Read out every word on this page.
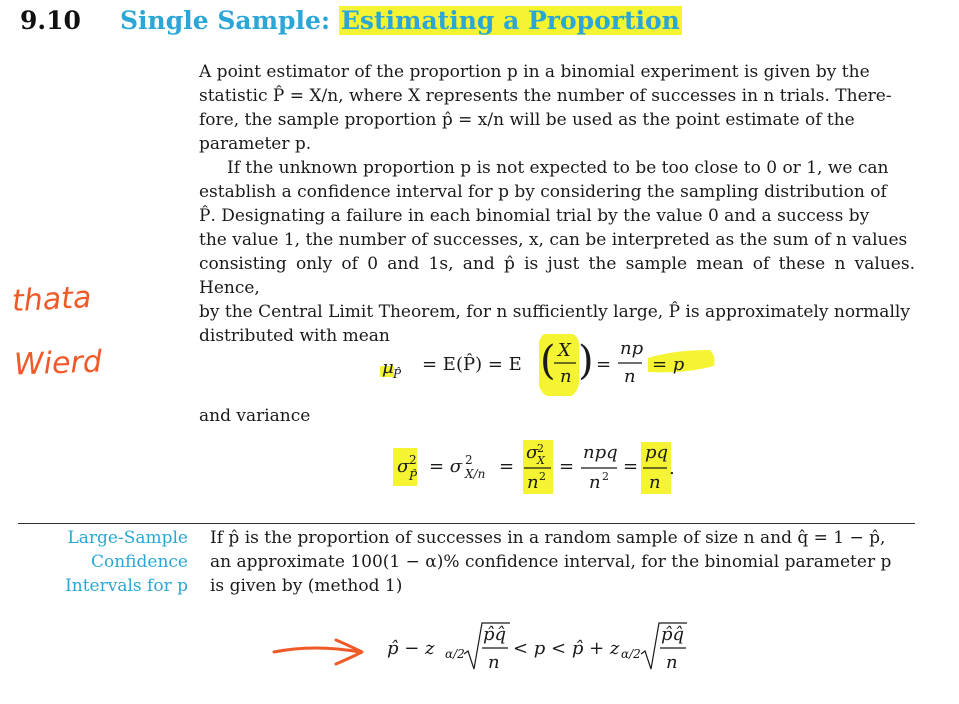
9.10 Single Sample: Estimating a Proportion
A point estimator of the proportion p in a binomial experiment is given by the
statistic P̂ = X/n, where X represents the number of successes in n trials. There-
fore, the sample proportion p̂ = x/n will be used as the point estimate of the
parameter p.
If the unknown proportion p is not expected to be too close to 0 or 1, we can
establish a confidence interval for p by considering the sampling distribution of
P̂. Designating a failure in each binomial trial by the value 0 and a success by
the value 1, the number of successes, x, can be interpreted as the sum of n values
consisting only of 0 and 1s, and p̂ is just the sample mean of these n values. Hence,
by the Central Limit Theorem, for n sufficiently large, P̂ is approximately normally
distributed with mean
μ P̂ = E(P̂) = E ( X
n ) =
np
n
= p
and variance
σ 2
P̂ = σ 2
X/n =
σ
2
X
n 2 =
npq
n 2 =
pq
n
.
Large-Sample
Confidence
Intervals for p
If p̂ is the proportion of successes in a random sample of size n and q̂ = 1 − p̂,
an approximate 100(1 − α)% confidence interval, for the binomial parameter p
is given by (method 1)
p̂ − z α/2
p̂q̂
n
< p < p̂ + z α/2
p̂q̂
n
thata
Wierd
